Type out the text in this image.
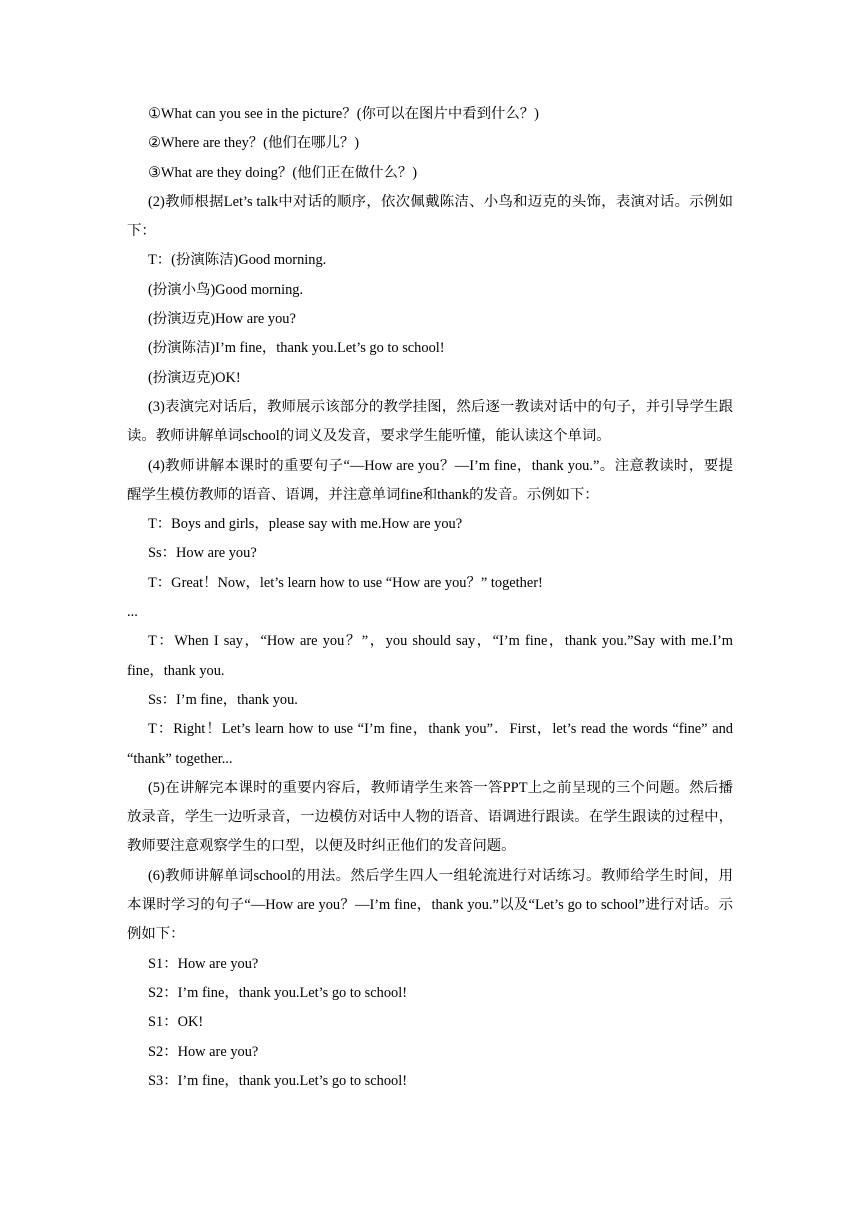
①What can you see in the picture？(你可以在图片中看到什么？)

②Where are they？(他们在哪儿？)

③What are they doing？(他们正在做什么？)

(2)教师根据Let’s talk中对话的顺序，依次佩戴陈洁、小鸟和迈克的头饰，表演对话。示例如下：

T：(扮演陈洁)Good morning.

(扮演小鸟)Good morning.

(扮演迈克)How are you?

(扮演陈洁)I’m fine，thank you.Let’s go to school!

(扮演迈克)OK!

(3)表演完对话后，教师展示该部分的教学挂图，然后逐一教读对话中的句子，并引导学生跟读。教师讲解单词school的词义及发音，要求学生能听懂，能认读这个单词。

(4)教师讲解本课时的重要句子“—How are you？—I’m fine，thank you.”。注意教读时，要提醒学生模仿教师的语音、语调，并注意单词fine和thank的发音。示例如下：

T：Boys and girls，please say with me.How are you?

Ss：How are you?

T：Great！Now，let’s learn how to use “How are you？” together!

...

T：When I say，“How are you？”，you should say，“I’m fine，thank you.”Say with me.I’m fine，thank you.

Ss：I’m fine，thank you.

T：Right！Let’s learn how to use “I’m fine，thank you”．First，let’s read the words “fine” and “thank” together...

(5)在讲解完本课时的重要内容后，教师请学生来答一答PPT上之前呈现的三个问题。然后播放录音，学生一边听录音，一边模仿对话中人物的语音、语调进行跟读。在学生跟读的过程中，教师要注意观察学生的口型，以便及时纠正他们的发音问题。

(6)教师讲解单词school的用法。然后学生四人一组轮流进行对话练习。教师给学生时间，用本课时学习的句子“—How are you？—I’m fine，thank you.”以及“Let’s go to school”进行对话。示例如下：

S1：How are you?

S2：I’m fine，thank you.Let’s go to school!

S1：OK!

S2：How are you?

S3：I’m fine，thank you.Let’s go to school!
